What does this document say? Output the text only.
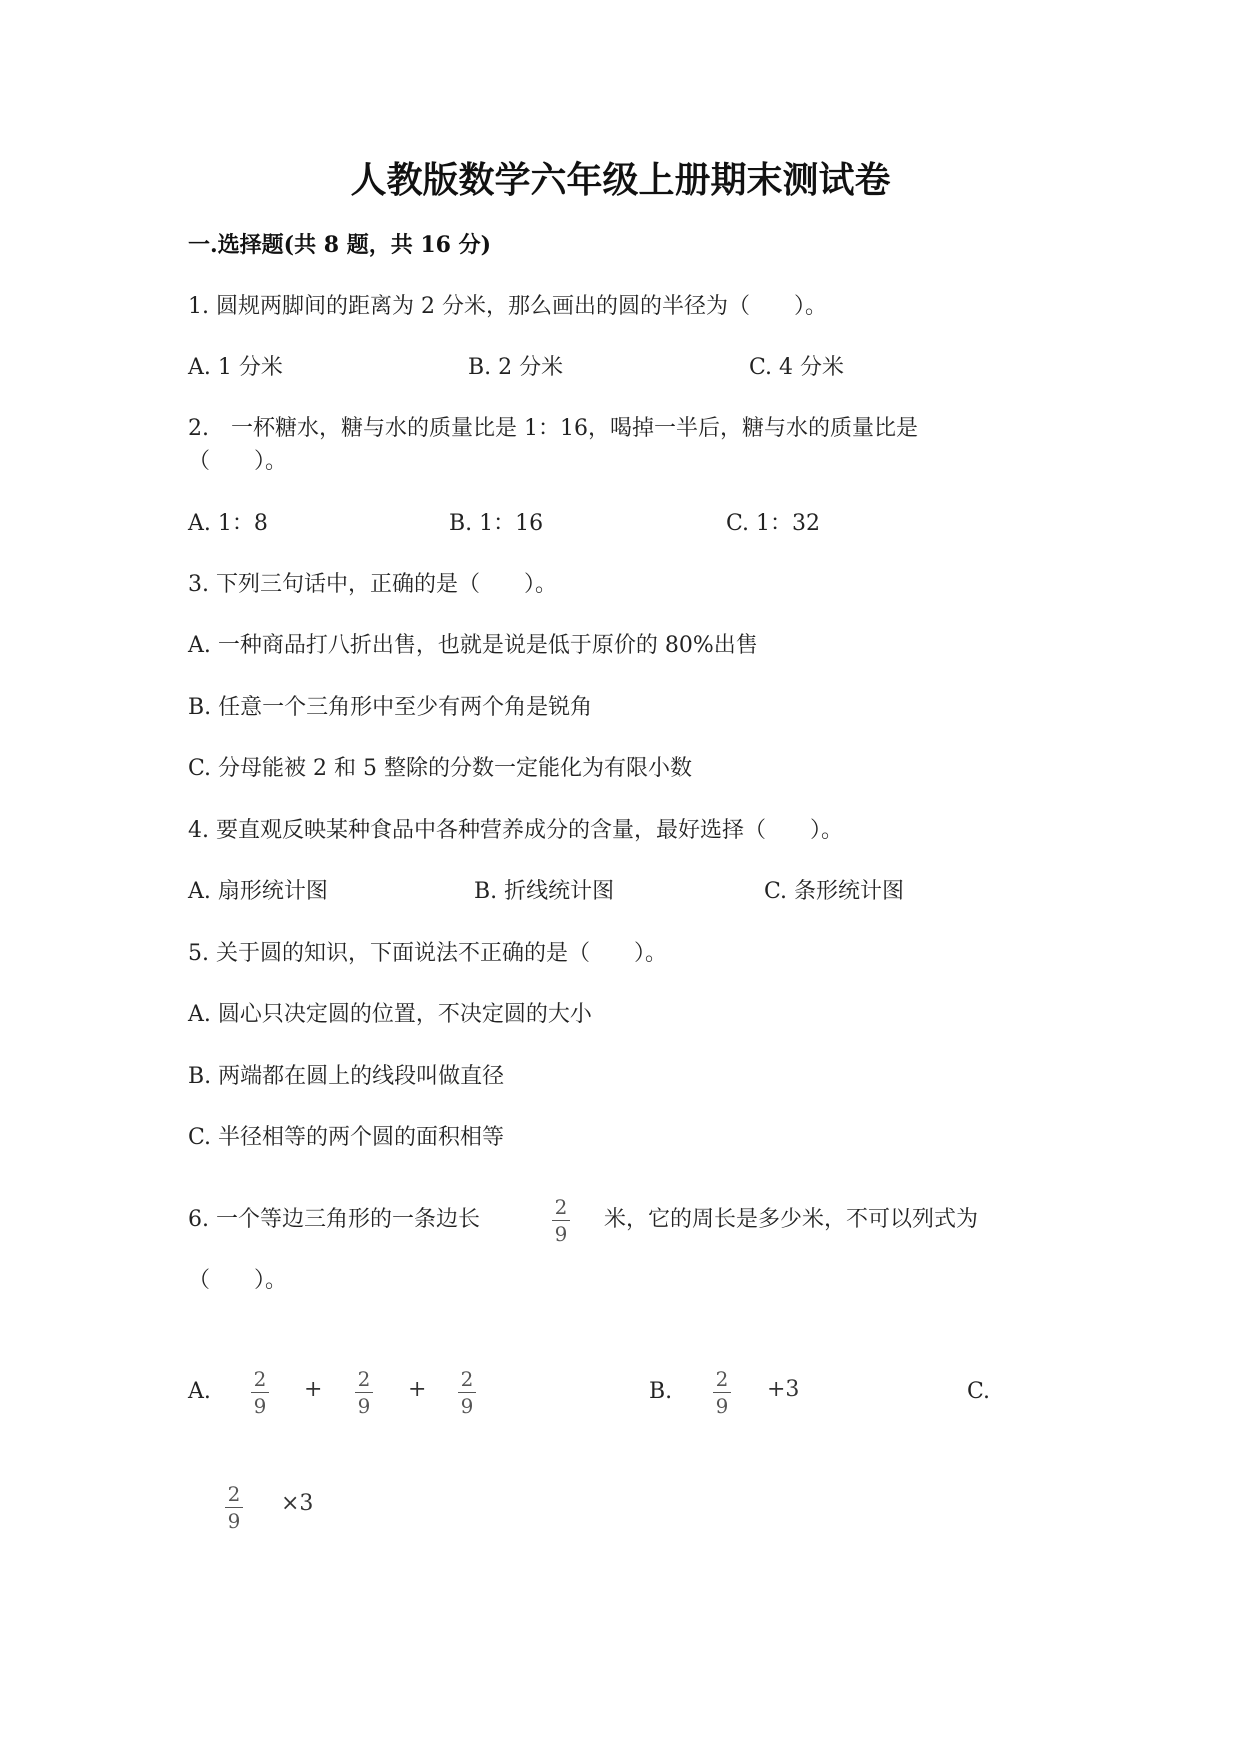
人教版数学六年级上册期末测试卷
一.选择题(共 8 题，共 16 分)
1. 圆规两脚间的距离为 2 分米，那么画出的圆的半径为（　　）。
A. 1 分米	B. 2 分米	C. 4 分米
2.　一杯糖水，糖与水的质量比是 1：16，喝掉一半后，糖与水的质量比是
（　　）。
A. 1：8	B. 1：16	C. 1：32
3. 下列三句话中，正确的是（　　）。
A. 一种商品打八折出售，也就是说是低于原价的 80%出售
B. 任意一个三角形中至少有两个角是锐角
C. 分母能被 2 和 5 整除的分数一定能化为有限小数
4. 要直观反映某种食品中各种营养成分的含量，最好选择（　　）。
A. 扇形统计图	B. 折线统计图	C. 条形统计图
5. 关于圆的知识，下面说法不正确的是（　　）。
A. 圆心只决定圆的位置，不决定圆的大小
B. 两端都在圆上的线段叫做直径
C. 半径相等的两个圆的面积相等
6. 一个等边三角形的一条边长	2
9
米，它的周长是多少米，不可以列式为
（　　）。
A. 2
9
+ 2
9
+ 2
9
B. 2
9
+3	C.
2
9
×3
